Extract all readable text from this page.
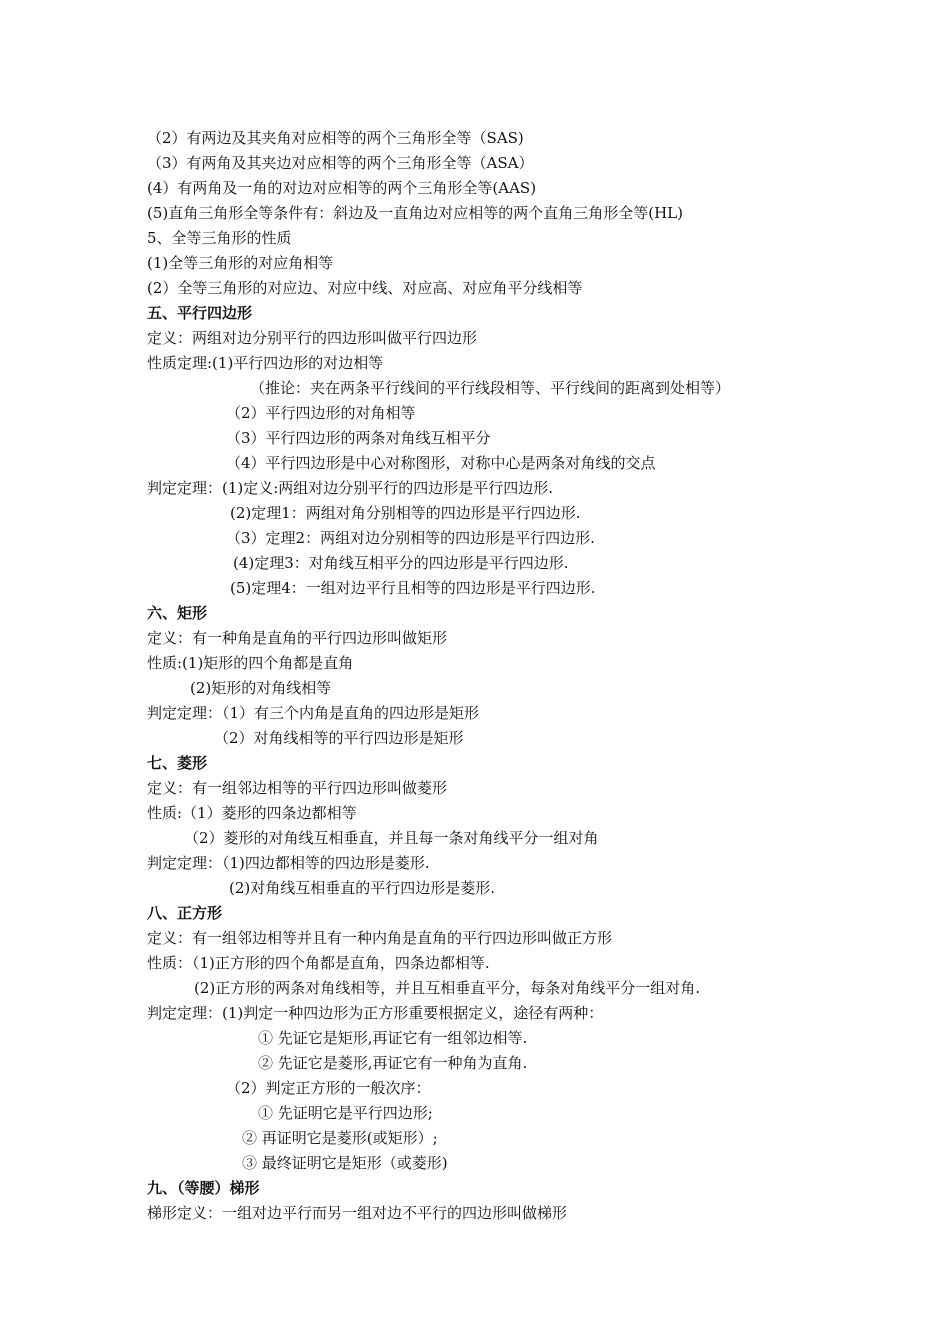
（2）有两边及其夹角对应相等的两个三角形全等（SAS)
（3）有两角及其夹边对应相等的两个三角形全等（ASA）
(4）有两角及一角的对边对应相等的两个三角形全等(AAS)
(5)直角三角形全等条件有：斜边及一直角边对应相等的两个直角三角形全等(HL)
5、全等三角形的性质
(1)全等三角形的对应角相等
(2）全等三角形的对应边、对应中线、对应高、对应角平分线相等
五、平行四边形
定义：两组对边分别平行的四边形叫做平行四边形
性质定理:(1)平行四边形的对边相等
（推论：夹在两条平行线间的平行线段相等、平行线间的距离到处相等）
（2）平行四边形的对角相等
（3）平行四边形的两条对角线互相平分
（4）平行四边形是中心对称图形，对称中心是两条对角线的交点
判定定理：(1)定义:两组对边分别平行的四边形是平行四边形.
(2)定理1：两组对角分别相等的四边形是平行四边形.
（3）定理2：两组对边分别相等的四边形是平行四边形.
(4)定理3：对角线互相平分的四边形是平行四边形.
(5)定理4：一组对边平行且相等的四边形是平行四边形.
六、矩形
定义：有一种角是直角的平行四边形叫做矩形
性质:(1)矩形的四个角都是直角
(2)矩形的对角线相等
判定定理：（1）有三个内角是直角的四边形是矩形
（2）对角线相等的平行四边形是矩形
七、菱形
定义：有一组邻边相等的平行四边形叫做菱形
性质:（1）菱形的四条边都相等
（2）菱形的对角线互相垂直，并且每一条对角线平分一组对角
判定定理：（1)四边都相等的四边形是菱形.
(2)对角线互相垂直的平行四边形是菱形.
八、正方形
定义：有一组邻边相等并且有一种内角是直角的平行四边形叫做正方形
性质：（1)正方形的四个角都是直角，四条边都相等.
(2)正方形的两条对角线相等，并且互相垂直平分，每条对角线平分一组对角.
判定定理：(1)判定一种四边形为正方形重要根据定义，途径有两种：
① 先证它是矩形,再证它有一组邻边相等.
② 先证它是菱形,再证它有一种角为直角.
（2）判定正方形的一般次序：
① 先证明它是平行四边形;
② 再证明它是菱形(或矩形）;
③ 最终证明它是矩形（或菱形)
九、（等腰）梯形
梯形定义：一组对边平行而另一组对边不平行的四边形叫做梯形
